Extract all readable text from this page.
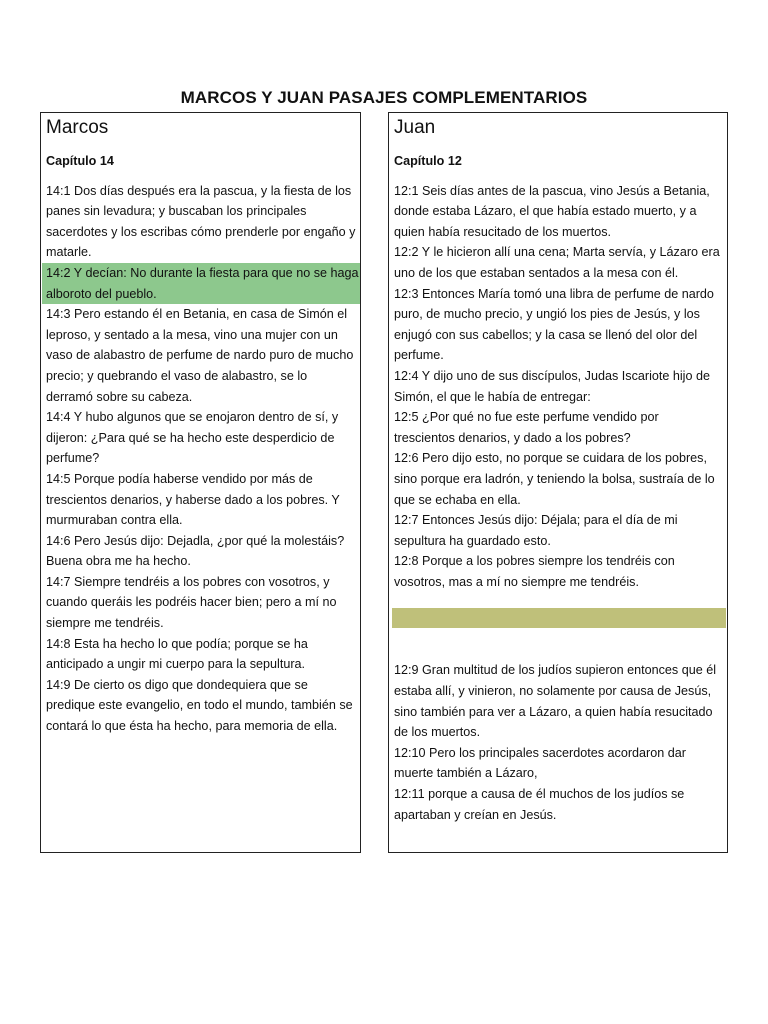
MARCOS Y JUAN PASAJES COMPLEMENTARIOS
Marcos
Capítulo 14

14:1 Dos días después era la pascua, y la fiesta de los panes sin levadura; y buscaban los principales sacerdotes y los escribas cómo prenderle por engaño y matarle.

14:2 Y decían: No durante la fiesta para que no se haga alboroto del pueblo.

14:3 Pero estando él en Betania, en casa de Simón el leproso, y sentado a la mesa, vino una mujer con un vaso de alabastro de perfume de nardo puro de mucho precio; y quebrando el vaso de alabastro, se lo derramó sobre su cabeza.

14:4 Y hubo algunos que se enojaron dentro de sí, y dijeron: ¿Para qué se ha hecho este desperdicio de perfume?

14:5 Porque podía haberse vendido por más de trescientos denarios, y haberse dado a los pobres. Y murmuraban contra ella.

14:6 Pero Jesús dijo: Dejadla, ¿por qué la molestáis? Buena obra me ha hecho.

14:7 Siempre tendréis a los pobres con vosotros, y cuando queráis les podréis hacer bien; pero a mí no siempre me tendréis.

14:8 Esta ha hecho lo que podía; porque se ha anticipado a ungir mi cuerpo para la sepultura.

14:9 De cierto os digo que dondequiera que se predique este evangelio, en todo el mundo, también se contará lo que ésta ha hecho, para memoria de ella.

Juan
Capítulo 12

12:1 Seis días antes de la pascua, vino Jesús a Betania, donde estaba Lázaro, el que había estado muerto, y a quien había resucitado de los muertos.

12:2 Y le hicieron allí una cena; Marta servía, y Lázaro era uno de los que estaban sentados a la mesa con él.

12:3 Entonces María tomó una libra de perfume de nardo puro, de mucho precio, y ungió los pies de Jesús, y los enjugó con sus cabellos; y la casa se llenó del olor del perfume.

12:4 Y dijo uno de sus discípulos, Judas Iscariote hijo de Simón, el que le había de entregar:

12:5 ¿Por qué no fue este perfume vendido por trescientos denarios, y dado a los pobres?

12:6 Pero dijo esto, no porque se cuidara de los pobres, sino porque era ladrón, y teniendo la bolsa, sustraía de lo que se echaba en ella.

12:7 Entonces Jesús dijo: Déjala; para el día de mi sepultura ha guardado esto.

12:8 Porque a los pobres siempre los tendréis con vosotros, mas a mí no siempre me tendréis.

12:9 Gran multitud de los judíos supieron entonces que él estaba allí, y vinieron, no solamente por causa de Jesús, sino también para ver a Lázaro, a quien había resucitado de los muertos.

12:10 Pero los principales sacerdotes acordaron dar muerte también a Lázaro,

12:11 porque a causa de él muchos de los judíos se apartaban y creían en Jesús.
